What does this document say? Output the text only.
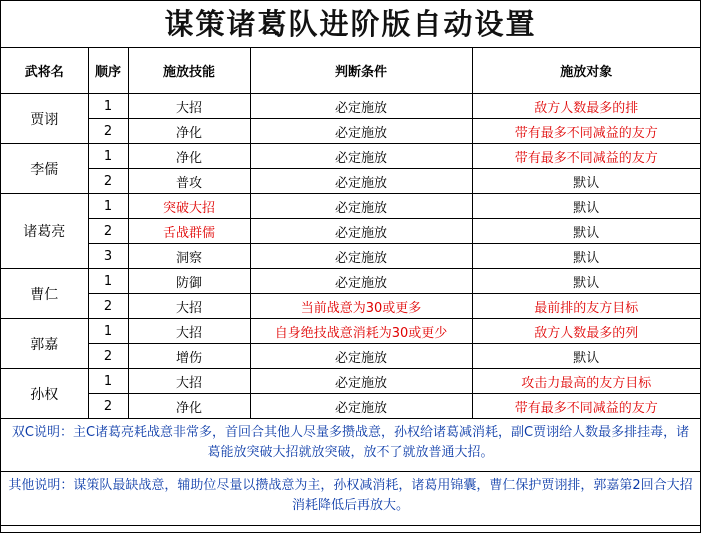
谋策诸葛队进阶版自动设置
武将名	顺序	施放技能	判断条件	施放对象
贾诩	1	大招	必定施放	敌方人数最多的排
	2	净化	必定施放	带有最多不同减益的友方
李儒	1	净化	必定施放	带有最多不同减益的友方
	2	普攻	必定施放	默认
诸葛亮	1	突破大招	必定施放	默认
	2	舌战群儒	必定施放	默认
	3	洞察	必定施放	默认
曹仁	1	防御	必定施放	默认
	2	大招	当前战意为30或更多	最前排的友方目标
郭嘉	1	大招	自身绝技战意消耗为30或更少	敌方人数最多的列
	2	增伤	必定施放	默认
孙权	1	大招	必定施放	攻击力最高的友方目标
	2	净化	必定施放	带有最多不同减益的友方
双C说明：主C诸葛亮耗战意非常多，首回合其他人尽量多攒战意，孙权给诸葛减消耗，副C贾诩给人数最多排挂毒，诸葛能放突破大招就放突破，放不了就放普通大招。
其他说明：谋策队最缺战意，辅助位尽量以攒战意为主，孙权减消耗，诸葛用锦囊，曹仁保护贾诩排，郭嘉第2回合大招消耗降低后再放大。
